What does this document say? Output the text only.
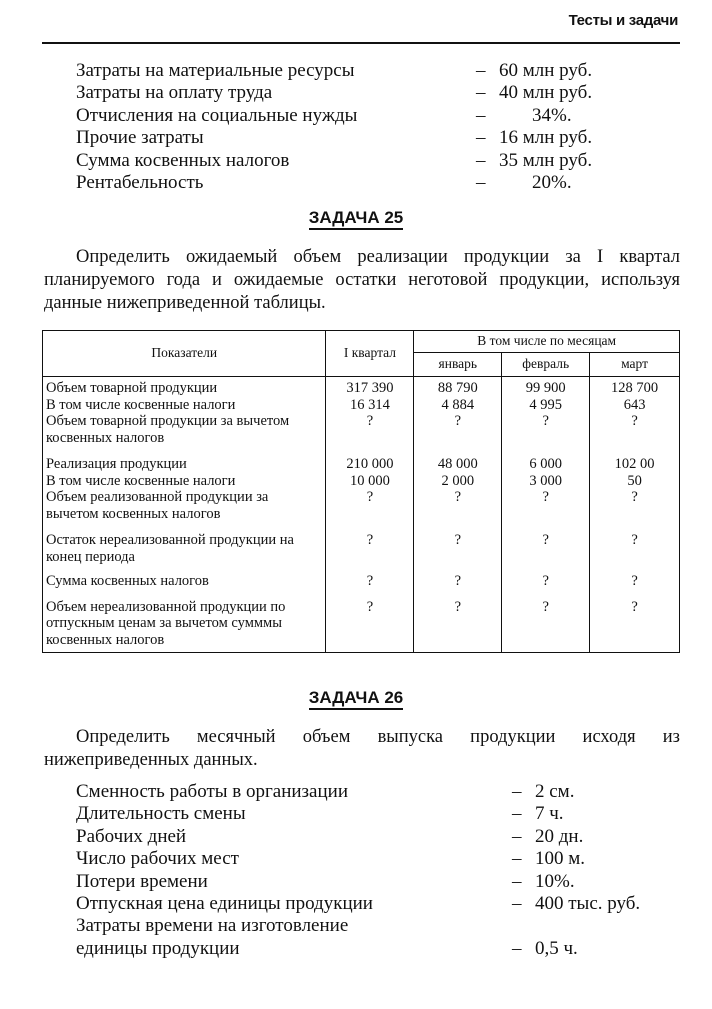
Тесты и задачи
Затраты на материальные ресурсы	– 60 млн руб.
Затраты на оплату труда	– 40 млн руб.
Отчисления на социальные нужды	– 34%.
Прочие затраты	– 16 млн руб.
Сумма косвенных налогов	– 35 млн руб.
Рентабельность	– 20%.
ЗАДАЧА 25
Определить ожидаемый объем реализации продукции за I квартал планируемого года и ожидаемые остатки неготовой продукции, используя данные нижеприведенной таблицы.
Показатели	I квартал	В том числе по месяцам		
		январь	февраль	март
Объем товарной продукции	317 390	88 790	99 900	128 700
В том числе косвенные налоги	16 314	4 884	4 995	643
Объем товарной продукции за вычетом косвенных налогов	?	?	?	?
Реализация продукции	210 000	48 000	6 000	102 00
В том числе косвенные налоги	10 000	2 000	3 000	50
Объем реализованной продукции за вычетом косвенных налогов	?	?	?	?
Остаток нереализованной продукции на конец периода	?	?	?	?
Сумма косвенных налогов	?	?	?	?
Объем нереализованной продукции по отпускным ценам за вычетом сумммы косвенных налогов	?	?	?	?
ЗАДАЧА 26
Определить месячный объем выпуска продукции исходя из нижеприведенных данных.
Сменность работы в организации	– 2 см.
Длительность смены	– 7 ч.
Рабочих дней	– 20 дн.
Число рабочих мест	– 100 м.
Потери времени	– 10%.
Отпускная цена единицы продукции	– 400 тыс. руб.
Затраты времени на изготовление
единицы продукции	– 0,5 ч.
